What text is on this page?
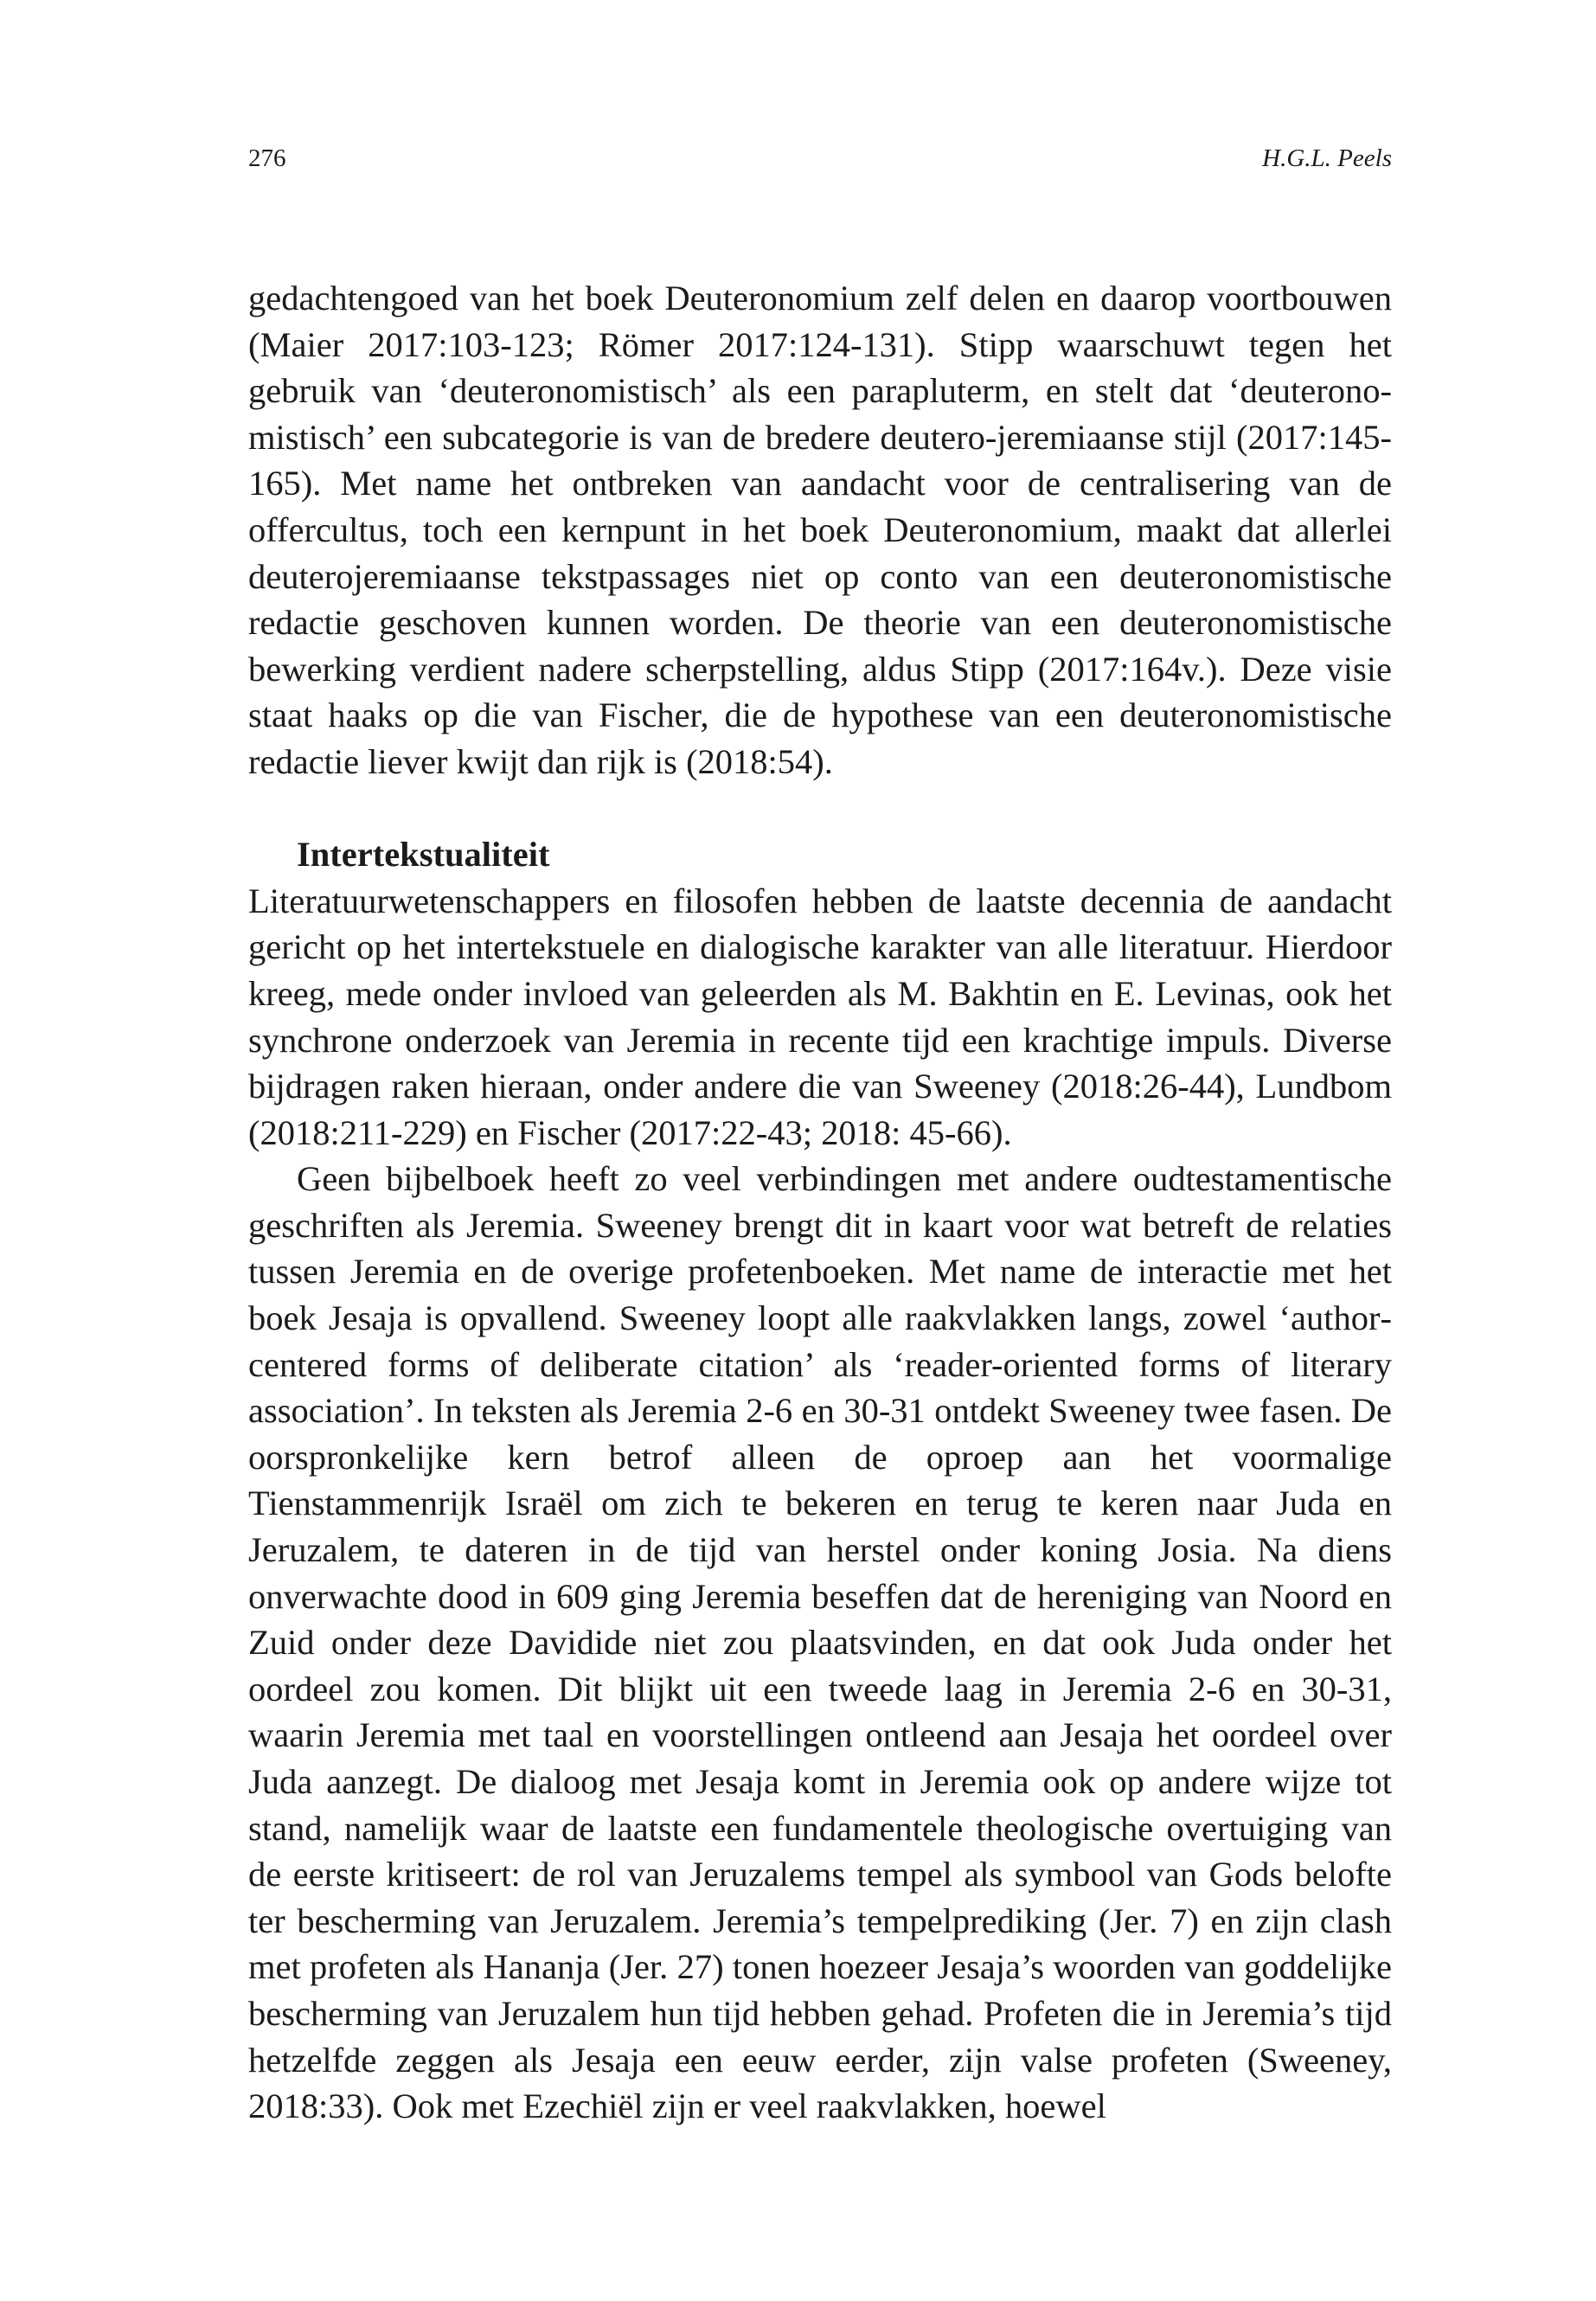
276	H.G.L. Peels

gedachtengoed van het boek Deuteronomium zelf delen en daarop voortbouwen (Maier 2017:103-123; Römer 2017:124-131). Stipp waarschuwt tegen het gebruik van ‘deuteronomistisch’ als een parapluterm, en stelt dat ‘deuteronomistisch’ een subcategorie is van de bredere deutero-jeremiaanse stijl (2017:145-165). Met name het ontbreken van aandacht voor de centralisering van de offercultus, toch een kernpunt in het boek Deuteronomium, maakt dat allerlei deuterojeremiaanse tekstpassages niet op conto van een deuteronomistische redactie geschoven kunnen worden. De theorie van een deuteronomistische bewerking verdient nadere scherpstelling, aldus Stipp (2017:164v.). Deze visie staat haaks op die van Fischer, die de hypothese van een deuteronomistische redactie liever kwijt dan rijk is (2018:54).

Intertekstualiteit

Literatuurwetenschappers en filosofen hebben de laatste decennia de aandacht gericht op het intertekstuele en dialogische karakter van alle literatuur. Hierdoor kreeg, mede onder invloed van geleerden als M. Bakhtin en E. Levinas, ook het synchrone onderzoek van Jeremia in recente tijd een krachtige impuls. Diverse bijdragen raken hieraan, onder andere die van Sweeney (2018:26-44), Lundbom (2018:211-229) en Fischer (2017:22-43; 2018: 45-66).

Geen bijbelboek heeft zo veel verbindingen met andere oudtestamentische geschriften als Jeremia. Sweeney brengt dit in kaart voor wat betreft de relaties tussen Jeremia en de overige profetenboeken. Met name de interactie met het boek Jesaja is opvallend. Sweeney loopt alle raakvlakken langs, zowel ‘authorcentered forms of deliberate citation’ als ‘reader-oriented forms of literary association’. In teksten als Jeremia 2-6 en 30-31 ontdekt Sweeney twee fasen. De oorspronkelijke kern betrof alleen de oproep aan het voormalige Tienstammenrijk Israël om zich te bekeren en terug te keren naar Juda en Jeruzalem, te dateren in de tijd van herstel onder koning Josia. Na diens onverwachte dood in 609 ging Jeremia beseffen dat de hereniging van Noord en Zuid onder deze Davidide niet zou plaatsvinden, en dat ook Juda onder het oordeel zou komen. Dit blijkt uit een tweede laag in Jeremia 2-6 en 30-31, waarin Jeremia met taal en voorstellingen ontleend aan Jesaja het oordeel over Juda aanzegt. De dialoog met Jesaja komt in Jeremia ook op andere wijze tot stand, namelijk waar de laatste een fundamentele theologische overtuiging van de eerste kritiseert: de rol van Jeruzalems tempel als symbool van Gods belofte ter bescherming van Jeruzalem. Jeremia’s tempelprediking (Jer. 7) en zijn clash met profeten als Hananja (Jer. 27) tonen hoezeer Jesaja’s woorden van goddelijke bescherming van Jeruzalem hun tijd hebben gehad. Profeten die in Jeremia’s tijd hetzelfde zeggen als Jesaja een eeuw eerder, zijn valse profeten (Sweeney, 2018:33). Ook met Ezechiël zijn er veel raakvlakken, hoewel
